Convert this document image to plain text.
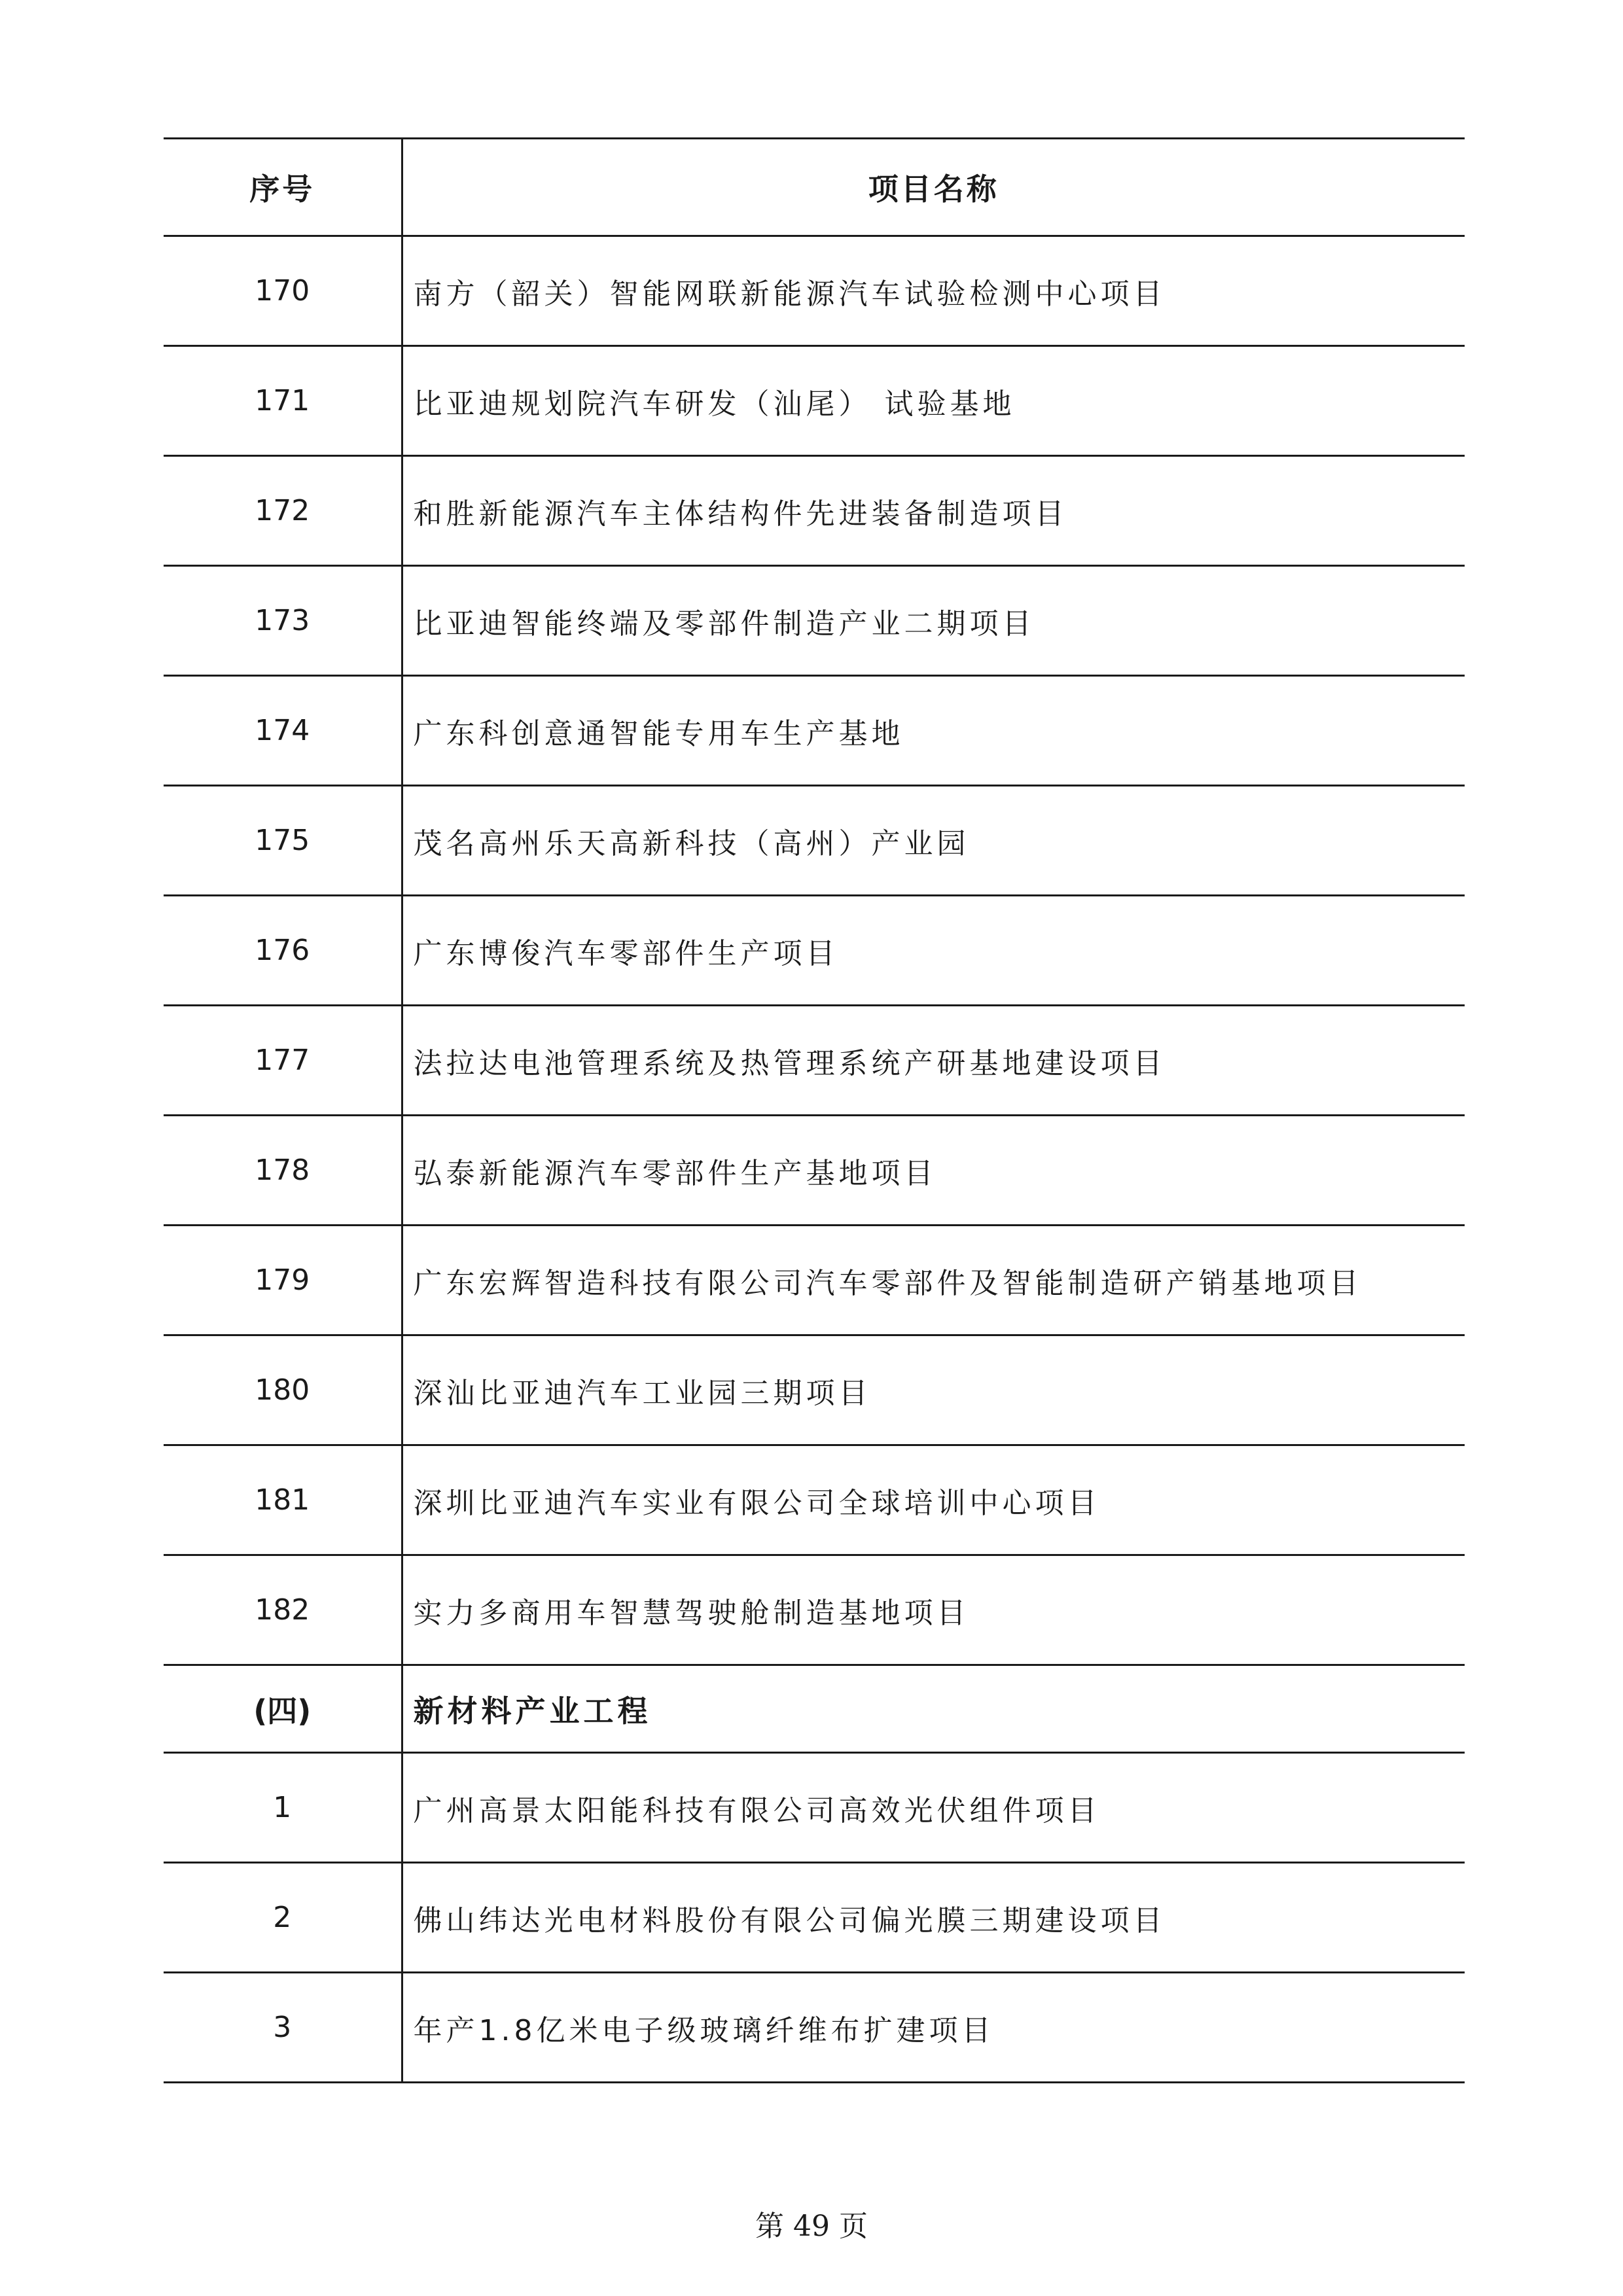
序号	项目名称
170	南方（韶关）智能网联新能源汽车试验检测中心项目
171	比亚迪规划院汽车研发（汕尾） 试验基地
172	和胜新能源汽车主体结构件先进装备制造项目
173	比亚迪智能终端及零部件制造产业二期项目
174	广东科创意通智能专用车生产基地
175	茂名高州乐天高新科技（高州）产业园
176	广东博俊汽车零部件生产项目
177	法拉达电池管理系统及热管理系统产研基地建设项目
178	弘泰新能源汽车零部件生产基地项目
179	广东宏辉智造科技有限公司汽车零部件及智能制造研产销基地项目
180	深汕比亚迪汽车工业园三期项目
181	深圳比亚迪汽车实业有限公司全球培训中心项目
182	实力多商用车智慧驾驶舱制造基地项目
(四)	新材料产业工程
1	广州高景太阳能科技有限公司高效光伏组件项目
2	佛山纬达光电材料股份有限公司偏光膜三期建设项目
3	年产1.8亿米电子级玻璃纤维布扩建项目
第 49 页
